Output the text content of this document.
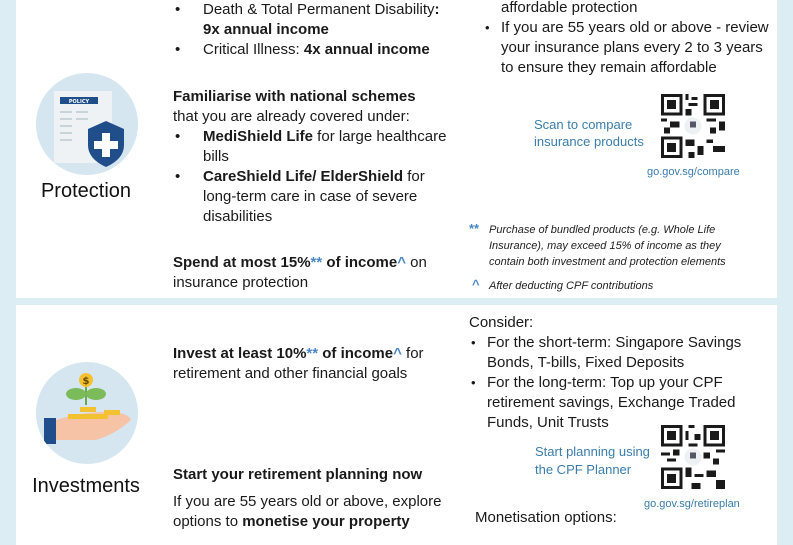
POLICY
Protection
• Death & Total Permanent Disability: 9x annual income
• Critical Illness: 4x annual income
Familiarise with national schemes
that you are already covered under:
• MediShield Life for large healthcare bills
• CareShield Life/ ElderShield for long-term care in case of severe disabilities
Spend at most 15%** of income^ on insurance protection
affordable protection
• If you are 55 years old or above - review your insurance plans every 2 to 3 years to ensure they remain affordable
Scan to compare insurance products
go.gov.sg/compare
** Purchase of bundled products (e.g. Whole Life Insurance), may exceed 15% of income as they contain both investment and protection elements
^ After deducting CPF contributions
$
Investments
Invest at least 10%** of income^ for retirement and other financial goals
Start your retirement planning now
If you are 55 years old or above, explore options to monetise your property
Consider:
• For the short-term: Singapore Savings Bonds, T-bills, Fixed Deposits
• For the long-term: Top up your CPF retirement savings, Exchange Traded Funds, Unit Trusts
Start planning using the CPF Planner
go.gov.sg/retireplan
Monetisation options:
